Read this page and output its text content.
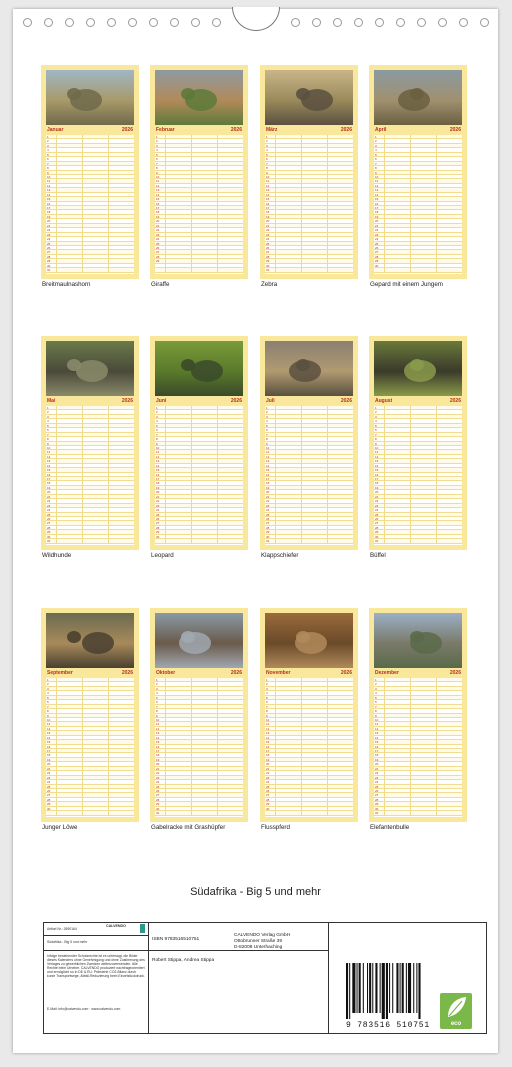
Januar	2026
1
2
3
4
5
6
7
8
9
10
11
12
13
14
15
16
17
18
19
20
21
22
23
24
25
26
27
28
29
30
31
Breitmaulnashorn
Februar	2026
1
2
3
4
5
6
7
8
9
10
11
12
13
14
15
16
17
18
19
20
21
22
23
24
25
26
27
28
29
Giraffe
März	2026
1
2
3
4
5
6
7
8
9
10
11
12
13
14
15
16
17
18
19
20
21
22
23
24
25
26
27
28
29
30
31
Zebra
April	2026
1
2
3
4
5
6
7
8
9
10
11
12
13
14
15
16
17
18
19
20
21
22
23
24
25
26
27
28
29
30
Gepard mit einem Jungem
Mai	2026
1
2
3
4
5
6
7
8
9
10
11
12
13
14
15
16
17
18
19
20
21
22
23
24
25
26
27
28
29
30
31
Wildhunde
Juni	2026
1
2
3
4
5
6
7
8
9
10
11
12
13
14
15
16
17
18
19
20
21
22
23
24
25
26
27
28
29
30
Leopard
Juli	2026
1
2
3
4
5
6
7
8
9
10
11
12
13
14
15
16
17
18
19
20
21
22
23
24
25
26
27
28
29
30
31
Klappschiefer
August	2026
1
2
3
4
5
6
7
8
9
10
11
12
13
14
15
16
17
18
19
20
21
22
23
24
25
26
27
28
29
30
31
Büffel
September	2026
1
2
3
4
5
6
7
8
9
10
11
12
13
14
15
16
17
18
19
20
21
22
23
24
25
26
27
28
29
30
Junger Löwe
Oktober	2026
1
2
3
4
5
6
7
8
9
10
11
12
13
14
15
16
17
18
19
20
21
22
23
24
25
26
27
28
29
30
31
Gabelracke mit Grashüpfer
November	2026
1
2
3
4
5
6
7
8
9
10
11
12
13
14
15
16
17
18
19
20
21
22
23
24
25
26
27
28
29
30
Flusspferd
Dezember	2026
1
2
3
4
5
6
7
8
9
10
11
12
13
14
15
16
17
18
19
20
21
22
23
24
25
26
27
28
29
30
31
Elefantenbulle
Südafrika - Big 5 und mehr
Artikel Nr.: 2690164
CALVENDO
Südafrika - Big 5 und mehr
Infolge bestehender Schutzrechte ist es untersagt, die Bilder dieses Kalenders ohne Genehmigung und ohne Zustimmung des Verlages zu gewerblichen Zwecken weiterzuverwenden. Alle Rechte beim Urheber. CALVENDO produziert nachfrageorientiert und ermöglicht so in DE & EU: Prämierte CO2-Bilanz durch kurze Transportwege, Abfall-Reduzierung beim Einzelstückdruck.
E-Mail: info@calvendo.com · www.calvendo.com
ISBN 9783516510751
CALVENDO Verlag GmbH
Ottobrunner Straße 39
D-82008 Unterhaching
Robert Stippa, Andrea Stippa
9 783516 510751	eco
